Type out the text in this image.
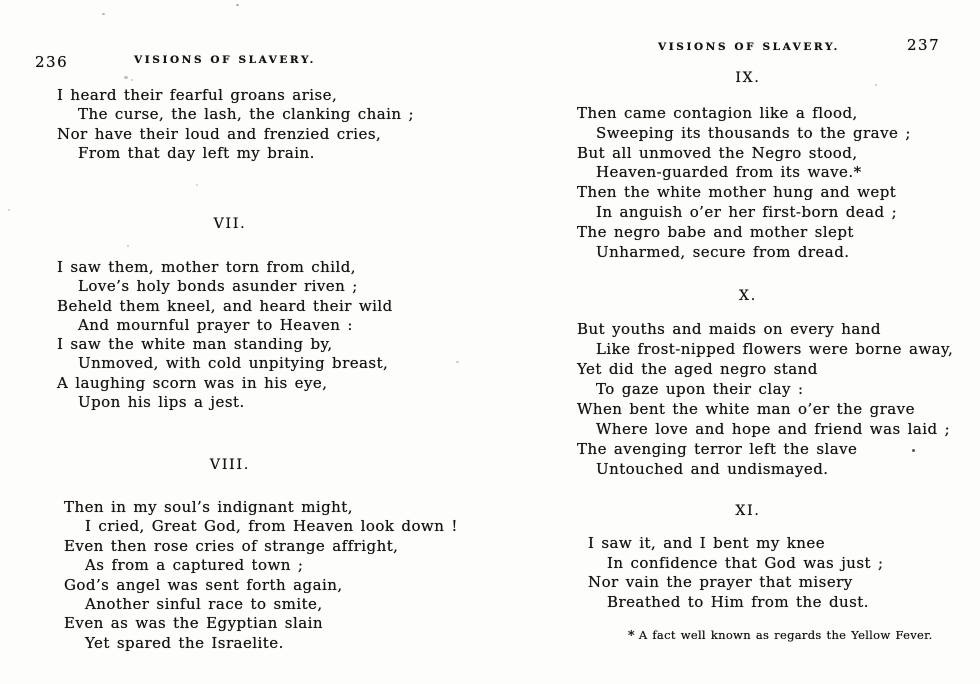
236	VISIONS OF SLAVERY.
I heard their fearful groans arise,
The curse, the lash, the clanking chain ;
Nor have their loud and frenzied cries,
From that day left my brain.
VII.
I saw them, mother torn from child,
Love’s holy bonds asunder riven ;
Beheld them kneel, and heard their wild
And mournful prayer to Heaven :
I saw the white man standing by,
Unmoved, with cold unpitying breast,
A laughing scorn was in his eye,
Upon his lips a jest.
VIII.
Then in my soul’s indignant might,
I cried, Great God, from Heaven look down !
Even then rose cries of strange affright,
As from a captured town ;
God’s angel was sent forth again,
Another sinful race to smite,
Even as was the Egyptian slain
Yet spared the Israelite.
VISIONS OF SLAVERY.	237
IX.
Then came contagion like a flood,
Sweeping its thousands to the grave ;
But all unmoved the Negro stood,
Heaven-guarded from its wave.*
Then the white mother hung and wept
In anguish o’er her first-born dead ;
The negro babe and mother slept
Unharmed, secure from dread.
X.
But youths and maids on every hand
Like frost-nipped flowers were borne away,
Yet did the aged negro stand
To gaze upon their clay :
When bent the white man o’er the grave
Where love and hope and friend was laid ;
The avenging terror left the slave
Untouched and undismayed.
XI.
I saw it, and I bent my knee
In confidence that God was just ;
Nor vain the prayer that misery
Breathed to Him from the dust.
* A fact well known as regards the Yellow Fever.
